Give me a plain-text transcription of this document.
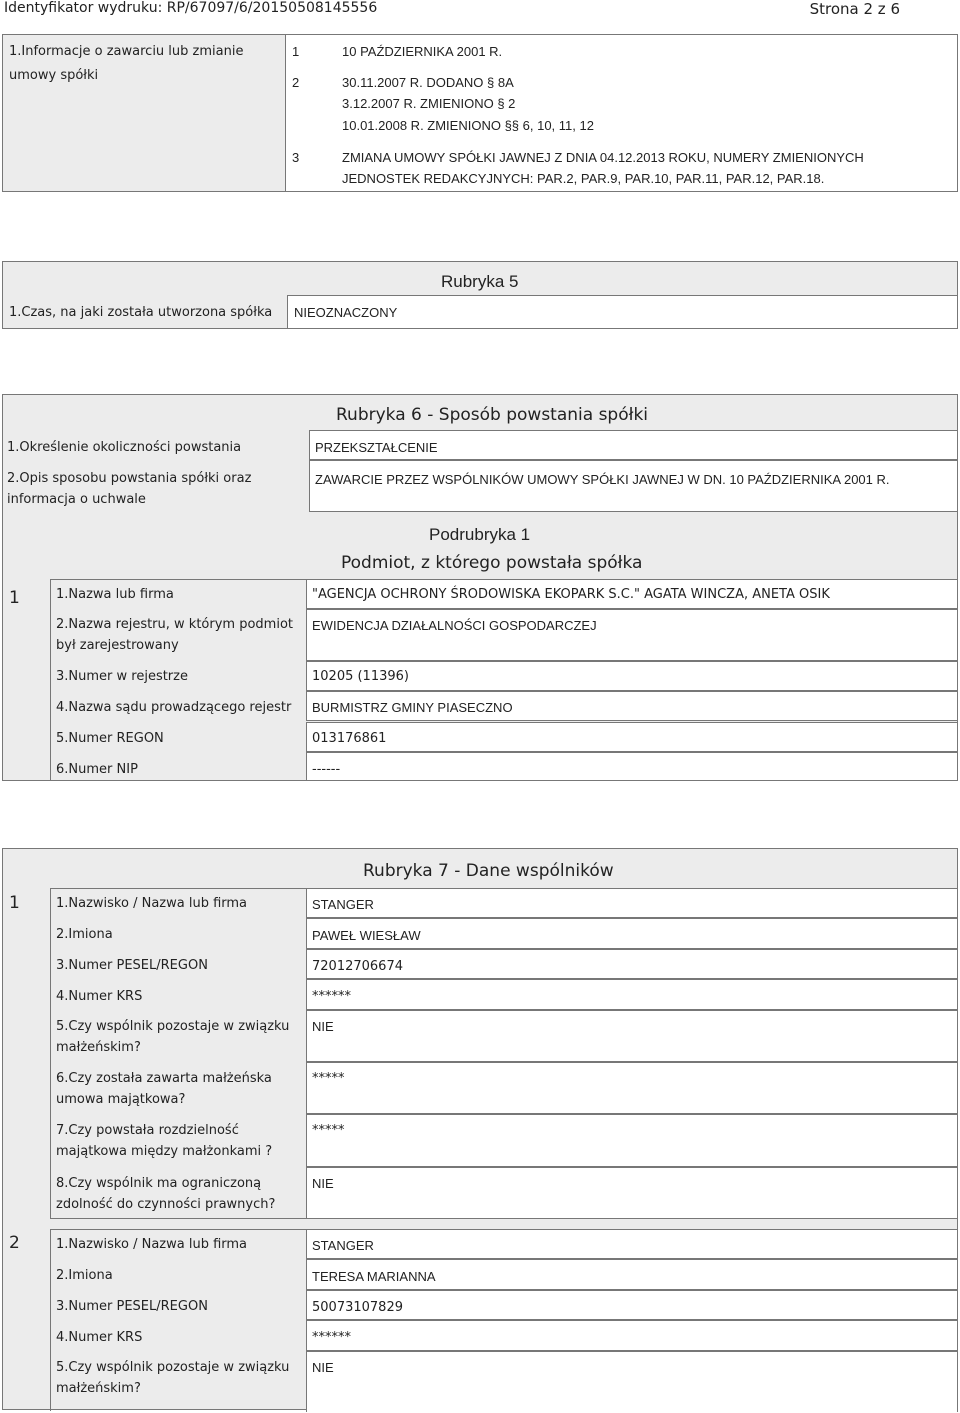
Identyfikator wydruku: RP/67097/6/20150508145556	Strona 2 z 6
1.Informacje o zawarciu lub zmianie
umowy spółki
1	10 PAŹDZIERNIKA 2001 R.
2	30.11.2007 R. DODANO § 8A
3.12.2007 R. ZMIENIONO § 2
10.01.2008 R. ZMIENIONO §§ 6, 10, 11, 12
3	ZMIANA UMOWY SPÓŁKI JAWNEJ Z DNIA 04.12.2013 ROKU, NUMERY ZMIENIONYCH
JEDNOSTEK REDAKCYJNYCH: PAR.2, PAR.9, PAR.10, PAR.11, PAR.12, PAR.18.
Rubryka 5
1.Czas, na jaki została utworzona spółka NIEOZNACZONY
Rubryka 6 - Sposób powstania spółki
1.Określenie okoliczności powstania	PRZEKSZTAŁCENIE
2.Opis sposobu powstania spółki oraz
informacja o uchwale
ZAWARCIE PRZEZ WSPÓLNIKÓW UMOWY SPÓŁKI JAWNEJ W DN. 10 PAŹDZIERNIKA 2001 R.
Podrubryka 1
Podmiot, z którego powstała spółka
1	1.Nazwa lub firma	"AGENCJA OCHRONY ŚRODOWISKA EKOPARK S.C." AGATA WINCZA, ANETA OSIK
2.Nazwa rejestru, w którym podmiot
był zarejestrowany
EWIDENCJA DZIAŁALNOŚCI GOSPODARCZEJ
3.Numer w rejestrze	10205 (11396)
4.Nazwa sądu prowadzącego rejestr BURMISTRZ GMINY PIASECZNO
5.Numer REGON	013176861
6.Numer NIP	------
Rubryka 7 - Dane wspólników
1	1.Nazwisko / Nazwa lub firma	STANGER
2.Imiona	PAWEŁ WIESŁAW
3.Numer PESEL/REGON	72012706674
4.Numer KRS	******
5.Czy wspólnik pozostaje w związku
małżeńskim?
NIE
6.Czy została zawarta małżeńska
umowa majątkowa?
*****
7.Czy powstała rozdzielność
majątkowa między małżonkami ?
*****
8.Czy wspólnik ma ograniczoną
zdolność do czynności prawnych?
NIE
2	1.Nazwisko / Nazwa lub firma	STANGER
2.Imiona	TERESA MARIANNA
3.Numer PESEL/REGON	50073107829
4.Numer KRS	******
5.Czy wspólnik pozostaje w związku
małżeńskim?
NIE
